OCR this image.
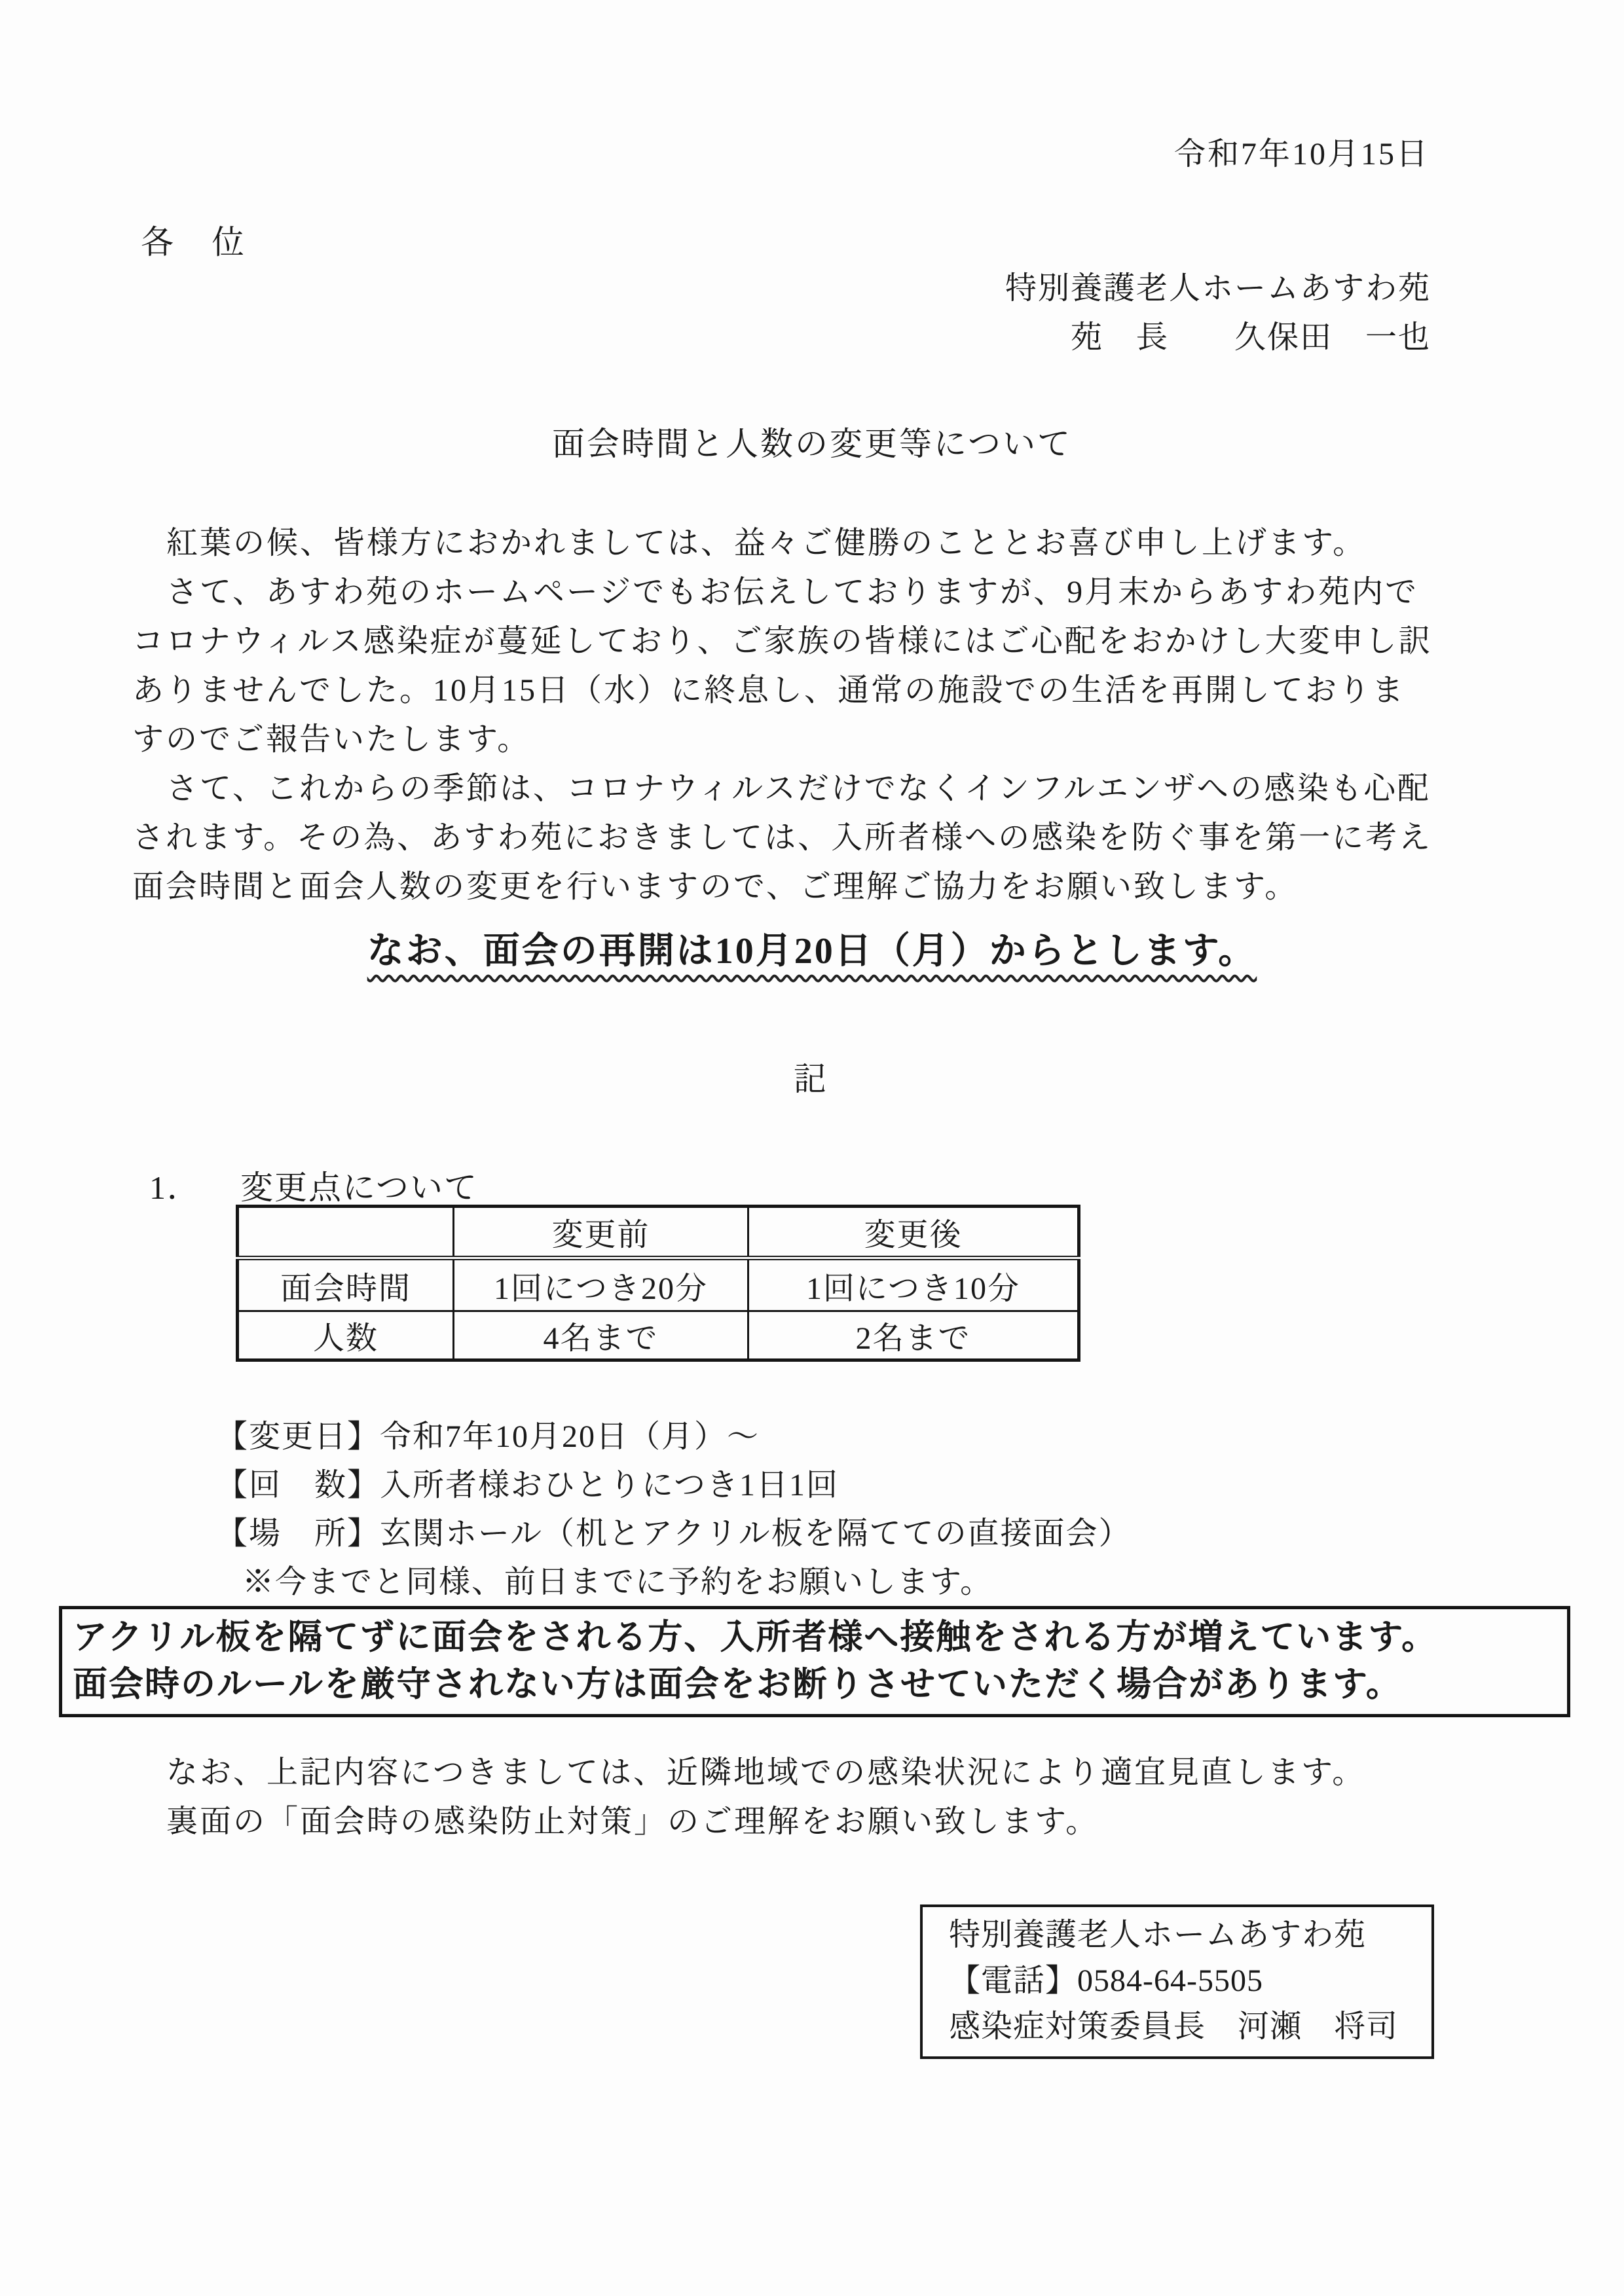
令和7年10月15日
各　位
特別養護老人ホームあすわ苑
苑　長　　久保田　一也
面会時間と人数の変更等について
紅葉の候、皆様方におかれましては、益々ご健勝のこととお喜び申し上げます。
さて、あすわ苑のホームページでもお伝えしておりますが、9月末からあすわ苑内で
コロナウィルス感染症が蔓延しており、ご家族の皆様にはご心配をおかけし大変申し訳
ありませんでした。10月15日（水）に終息し、通常の施設での生活を再開しておりま
すのでご報告いたします。
さて、これからの季節は、コロナウィルスだけでなくインフルエンザへの感染も心配
されます。その為、あすわ苑におきましては、入所者様への感染を防ぐ事を第一に考え
面会時間と面会人数の変更を行いますので、ご理解ご協力をお願い致します。
なお、面会の再開は10月20日（月）からとします。
記
1． 変更点について
	変更前	変更後
面会時間	1回につき20分	1回につき10分
人数	4名まで	2名まで
【変更日】令和7年10月20日（月）～
【回　数】入所者様おひとりにつき1日1回
【場　所】玄関ホール（机とアクリル板を隔てての直接面会）
※今までと同様、前日までに予約をお願いします。
アクリル板を隔てずに面会をされる方、入所者様へ接触をされる方が増えています。
面会時のルールを厳守されない方は面会をお断りさせていただく場合があります。
なお、上記内容につきましては、近隣地域での感染状況により適宜見直します。
裏面の「面会時の感染防止対策」のご理解をお願い致します。
特別養護老人ホームあすわ苑
【電話】0584-64-5505
感染症対策委員長　河瀬　将司
